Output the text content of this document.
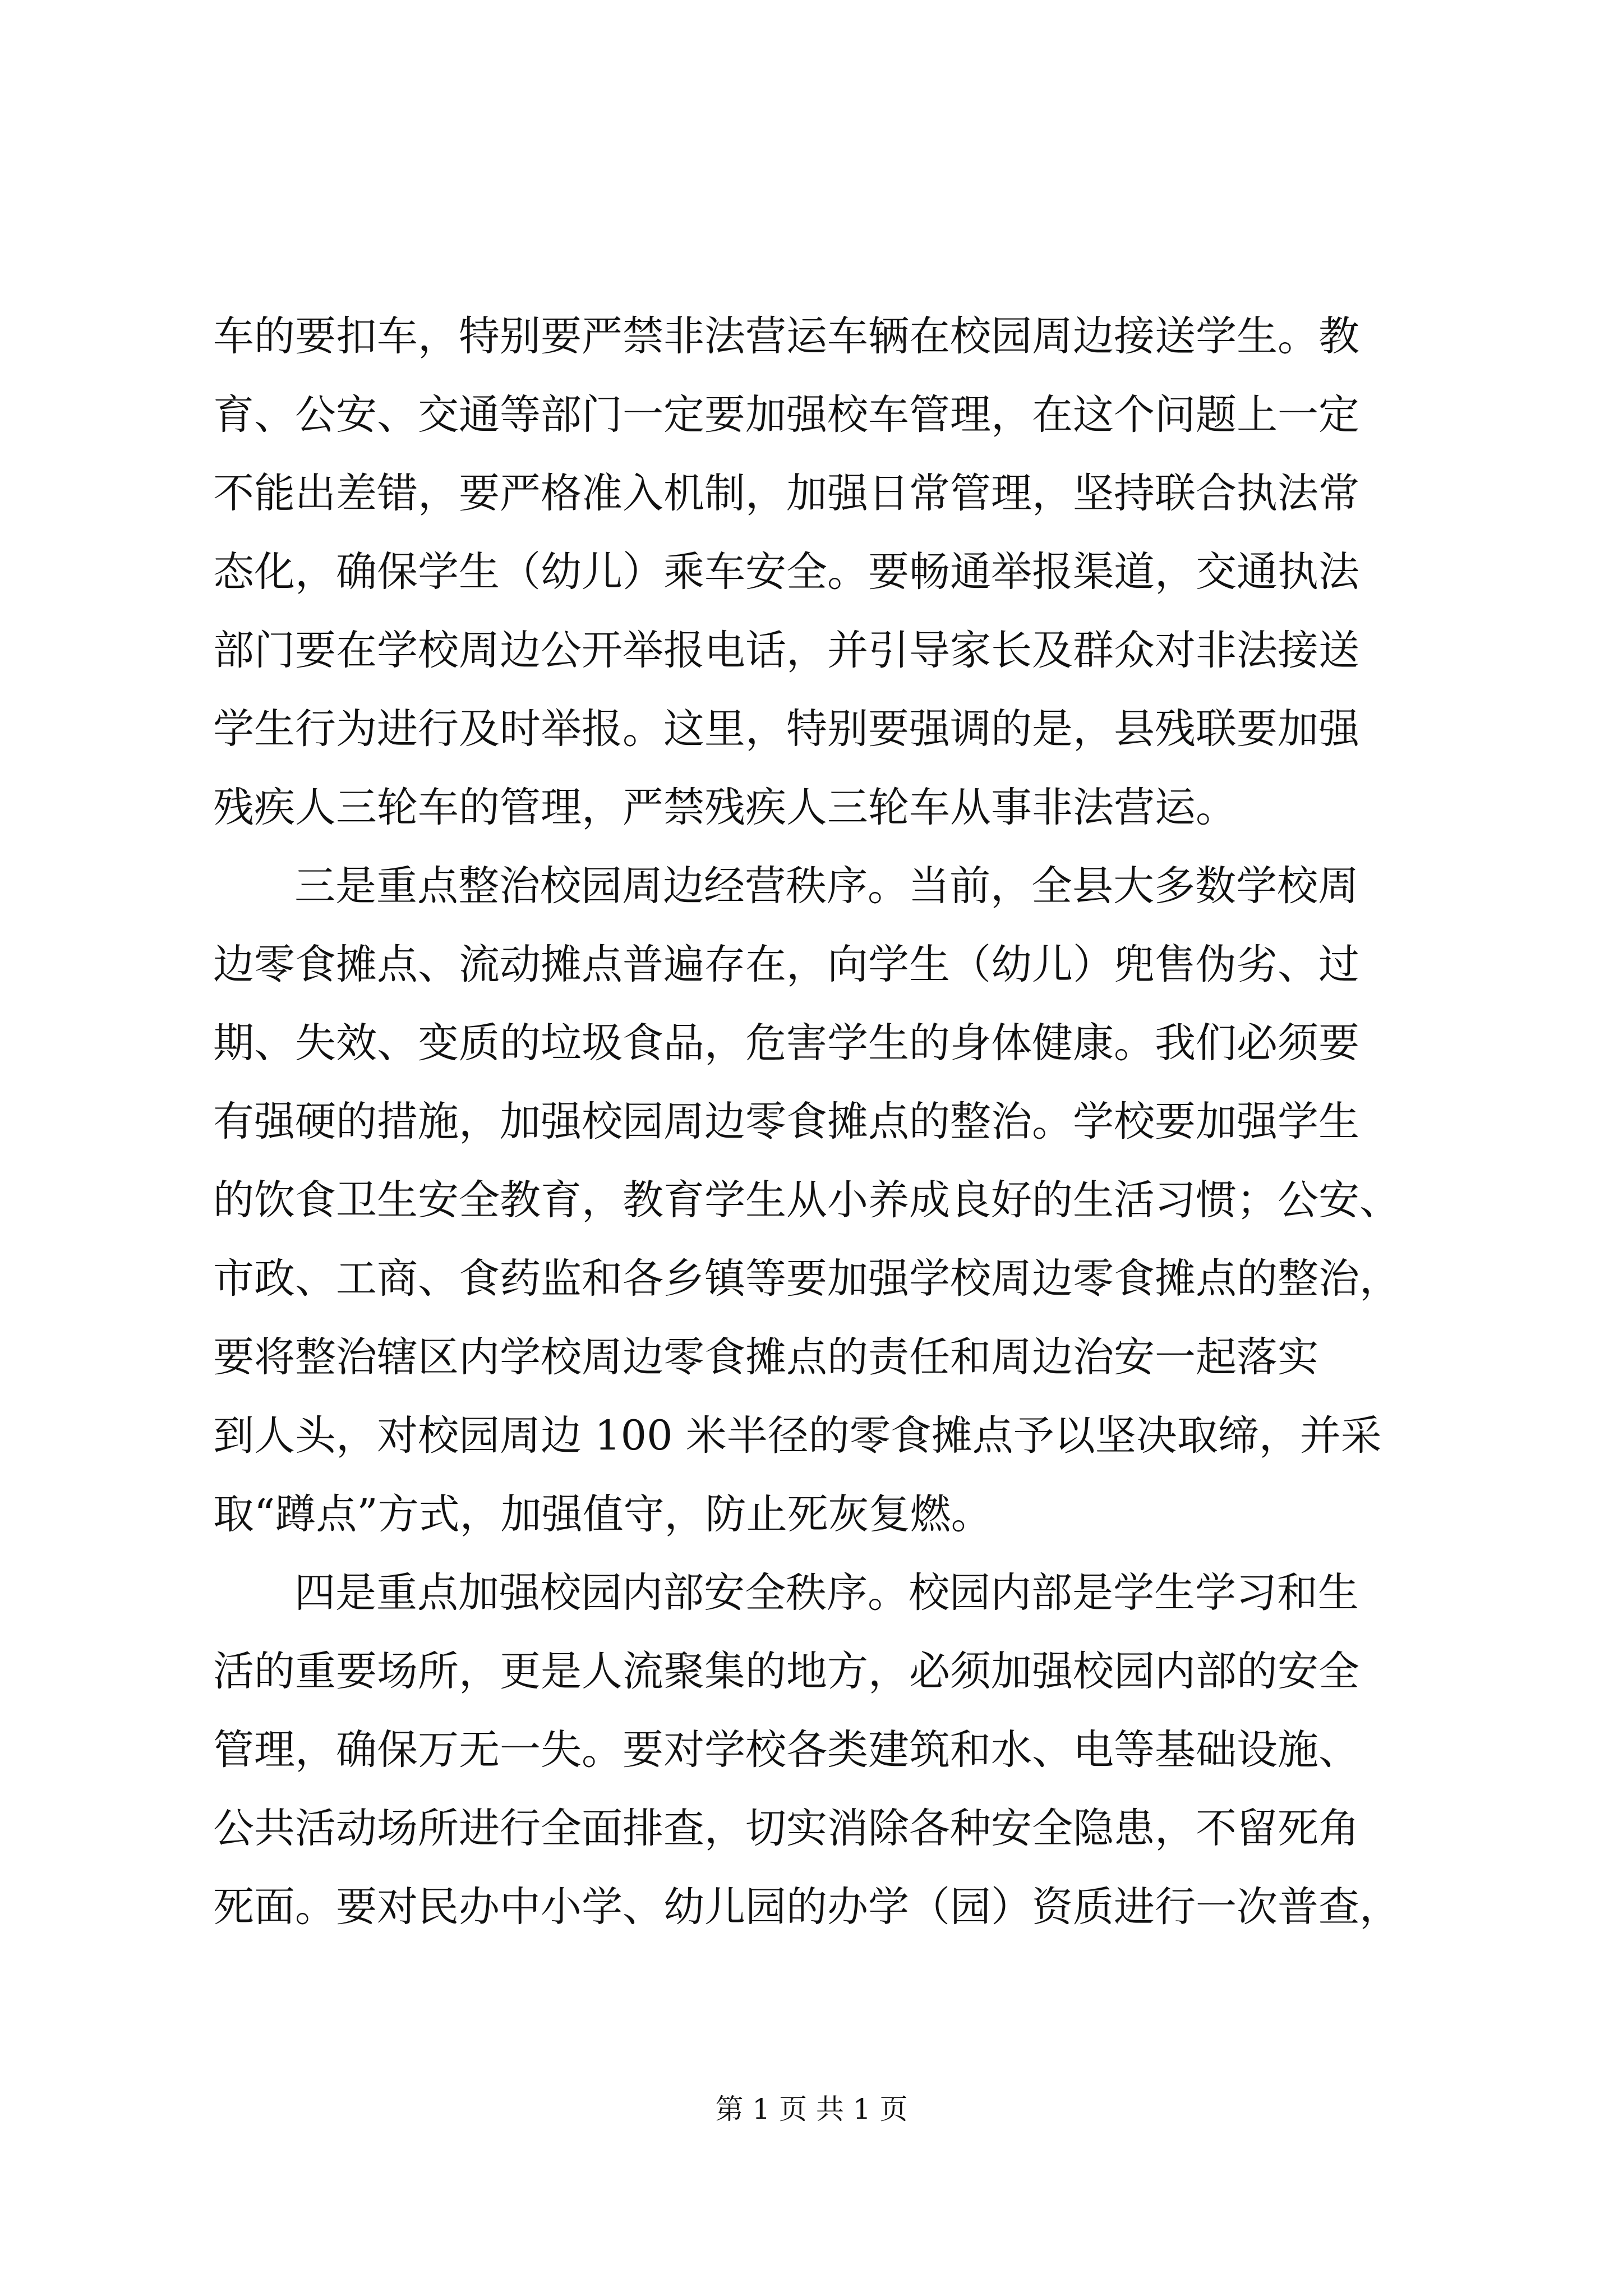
车的要扣车，特别要严禁非法营运车辆在校园周边接送学生。教
育、公安、交通等部门一定要加强校车管理，在这个问题上一定
不能出差错，要严格准入机制，加强日常管理，坚持联合执法常
态化，确保学生（幼儿）乘车安全。要畅通举报渠道，交通执法
部门要在学校周边公开举报电话，并引导家长及群众对非法接送
学生行为进行及时举报。这里，特别要强调的是，县残联要加强
残疾人三轮车的管理，严禁残疾人三轮车从事非法营运。
三是重点整治校园周边经营秩序。当前，全县大多数学校周
边零食摊点、流动摊点普遍存在，向学生（幼儿）兜售伪劣、过
期、失效、变质的垃圾食品，危害学生的身体健康。我们必须要
有强硬的措施，加强校园周边零食摊点的整治。学校要加强学生
的饮食卫生安全教育，教育学生从小养成良好的生活习惯；公安、
市政、工商、食药监和各乡镇等要加强学校周边零食摊点的整治，
要将整治辖区内学校周边零食摊点的责任和周边治安一起落实
到人头，对校园周边 100 米半径的零食摊点予以坚决取缔，并采
取“蹲点”方式，加强值守，防止死灰复燃。
四是重点加强校园内部安全秩序。校园内部是学生学习和生
活的重要场所，更是人流聚集的地方，必须加强校园内部的安全
管理，确保万无一失。要对学校各类建筑和水、电等基础设施、
公共活动场所进行全面排查，切实消除各种安全隐患，不留死角
死面。要对民办中小学、幼儿园的办学（园）资质进行一次普查，
第 1 页 共 1 页
